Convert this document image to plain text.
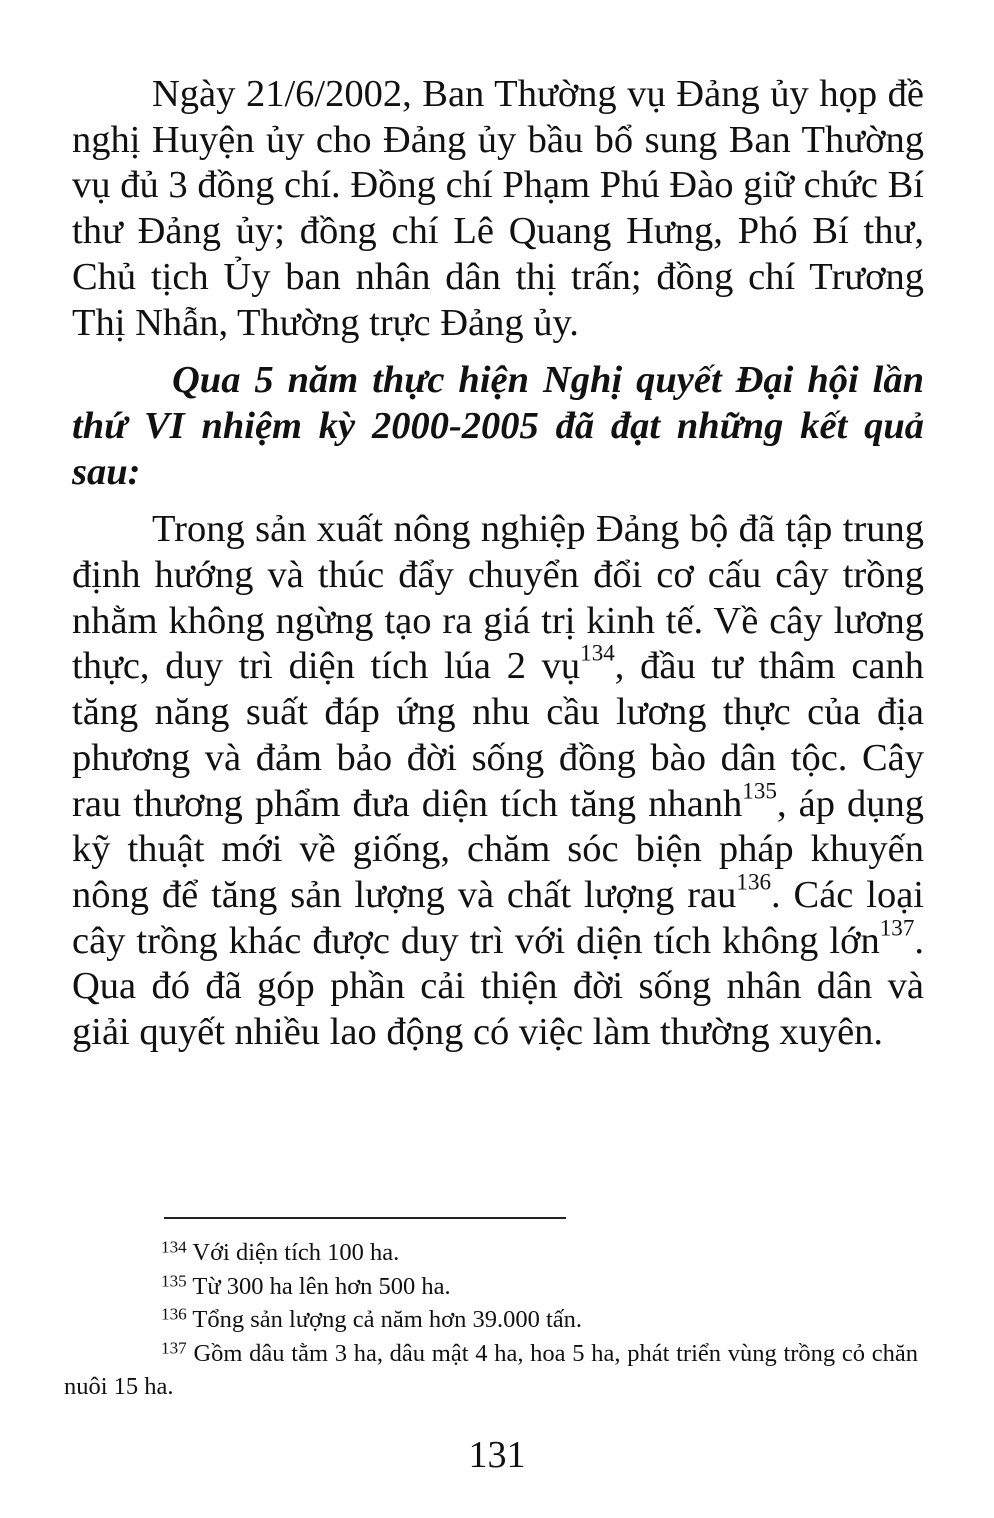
Ngày 21/6/2002, Ban Thường vụ Đảng ủy họp đề nghị Huyện ủy cho Đảng ủy bầu bổ sung Ban Thường vụ đủ 3 đồng chí. Đồng chí Phạm Phú Đào giữ chức Bí thư Đảng ủy; đồng chí Lê Quang Hưng, Phó Bí thư, Chủ tịch Ủy ban nhân dân thị trấn; đồng chí Trương Thị Nhẫn, Thường trực Đảng ủy.

Qua 5 năm thực hiện Nghị quyết Đại hội lần thứ VI nhiệm kỳ 2000-2005 đã đạt những kết quả sau:

Trong sản xuất nông nghiệp Đảng bộ đã tập trung định hướng và thúc đẩy chuyển đổi cơ cấu cây trồng nhằm không ngừng tạo ra giá trị kinh tế. Về cây lương thực, duy trì diện tích lúa 2 vụ$^{134}$, đầu tư thâm canh tăng năng suất đáp ứng nhu cầu lương thực của địa phương và đảm bảo đời sống đồng bào dân tộc. Cây rau thương phẩm đưa diện tích tăng nhanh$^{135}$, áp dụng kỹ thuật mới về giống, chăm sóc biện pháp khuyến nông để tăng sản lượng và chất lượng rau$^{136}$. Các loại cây trồng khác được duy trì với diện tích không lớn$^{137}$. Qua đó đã góp phần cải thiện đời sống nhân dân và giải quyết nhiều lao động có việc làm thường xuyên.

$^{134}$ Với diện tích 100 ha.

$^{135}$ Từ 300 ha lên hơn 500 ha.

$^{136}$ Tổng sản lượng cả năm hơn 39.000 tấn.

$^{137}$ Gồm dâu tằm 3 ha, dâu mật 4 ha, hoa 5 ha, phát triển vùng trồng cỏ chăn nuôi 15 ha.

131
